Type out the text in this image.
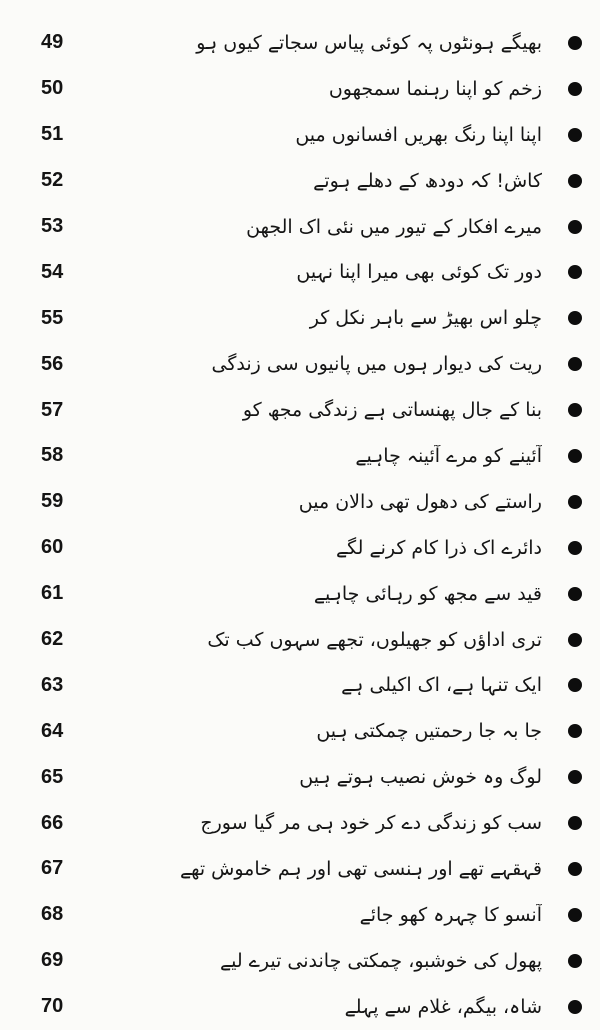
49	بھیگے ہونٹوں پہ کوئی پیاس سجاتے کیوں ہو
50	زخم کو اپنا رہنما سمجھوں
51	اپنا اپنا رنگ بھریں افسانوں میں
52	کاش! کہ دودھ کے دھلے ہوتے
53	میرے افکار کے تیور میں نئی اک الجھن
54	دور تک کوئی بھی میرا اپنا نہیں
55	چلو اس بھیڑ سے باہر نکل کر
56	ریت کی دیوار ہوں میں پانیوں سی زندگی
57	بنا کے جال پھنساتی ہے زندگی مجھ کو
58	آئینے کو مرے آئینہ چاہیے
59	راستے کی دھول تھی دالان میں
60	دائرے اک ذرا کام کرنے لگے
61	قید سے مجھ کو رہائی چاہیے
62	تری اداؤں کو جھیلوں، تجھے سہوں کب تک
63	ایک تنہا ہے، اک اکیلی ہے
64	جا بہ جا رحمتیں چمکتی ہیں
65	لوگ وہ خوش نصیب ہوتے ہیں
66	سب کو زندگی دے کر خود ہی مر گیا سورج
67	قہقہے تھے اور ہنسی تھی اور ہم خاموش تھے
68	آنسو کا چہرہ کھو جائے
69	پھول کی خوشبو، چمکتی چاندنی تیرے لیے
70	شاہ، بیگم، غلام سے پہلے
